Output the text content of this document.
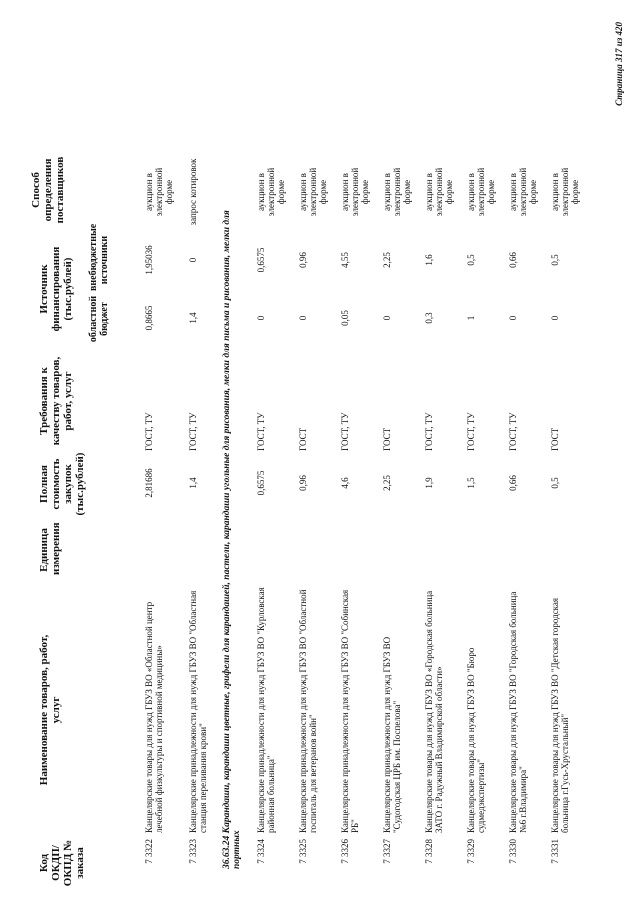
Код ОКДП/ ОКПД № заказа
Наименование товаров, работ, услуг
Единица измерения
Полная стоимость закупок (тыс.рублей)
Требования к качеству товаров, работ, услуг
Источник финансирования (тыс.рублей) областной бюджет
внебюджетные источники
Способ определения поставщиков
7 3322
Канцелярские товары для нужд ГБУЗ ВО «Областной центр лечебной физкультуры и спортивной медицины»
2,81686
ГОСТ, ТУ
0,8665
1,95036
аукцион в электронной форме
7 3323
Канцелярские принадлежности для нужд ГБУЗ ВО "Областная станция переливания крови"
1,4
ГОСТ, ТУ
1,4
0
запрос котировок
36.63.24 Карандаши, карандаши цветные, грифели для карандашей, пастели, карандаши угольные для рисования, мелки для письма и рисования, мелки для портных 7 3324
Канцелярские принадлежности для нужд ГБУЗ ВО "Курловская районная больница"
0,6575
ГОСТ, ТУ
0
0,6575
аукцион в электронной форме
7 3325
Канцелярские принадлежности для нужд ГБУЗ ВО "Областной госпиталь для ветеранов войн"
0,96
ГОСТ
0
0,96
аукцион в электронной форме
7 3326
Канцелярские принадлежности для нужд ГБУЗ ВО "Собинская РБ"
4,6
ГОСТ, ТУ
0,05
4,55
аукцион в электронной форме
7 3327
Канцелярские принадлежности для нужд ГБУЗ ВО "Судогодская ЦРБ им. Поспелова"
2,25
ГОСТ
0
2,25
аукцион в электронной форме
7 3328
Канцелярские товары для нужд ГБУЗ ВО «Городская больница ЗАТО г. Радужный Владимирской области»
1,9
ГОСТ, ТУ
0,3
1,6
аукцион в электронной форме
7 3329
Канцелярские товары для нужд ГБУЗ ВО "Бюро судмедэкспертизы"
1,5
ГОСТ, ТУ
1
0,5
аукцион в электронной форме
7 3330
Канцелярские товары для нужд ГБУЗ ВО "Городская больница №6 г.Владимира"
0,66
ГОСТ, ТУ
0
0,66
аукцион в электронной форме
7 3331
Канцелярские товары для нужд ГБУЗ ВО "Детская городская больница г.Гусь-Хрустальный"
0,5
ГОСТ
0
0,5
аукцион в электронной форме
Страница 317 из 420
